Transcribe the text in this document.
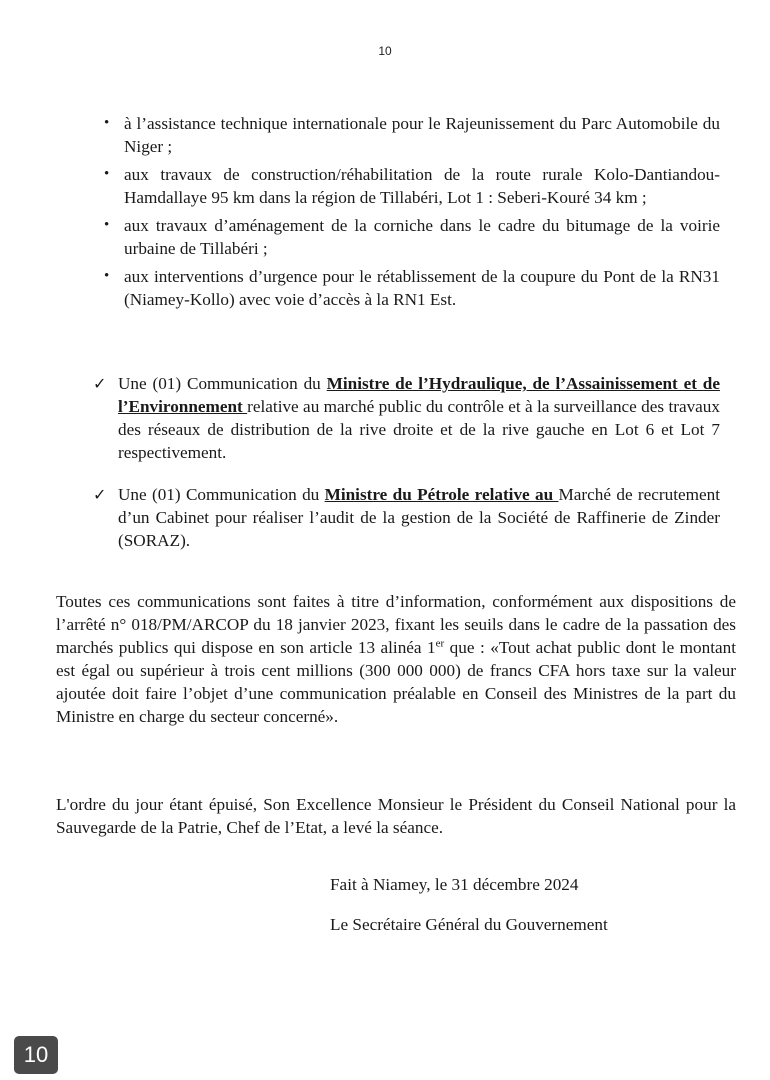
10
• à l’assistance technique internationale pour le Rajeunissement du Parc Automobile du Niger ;
• aux travaux de construction/réhabilitation de la route rurale Kolo-Dantiandou-Hamdallaye 95 km dans la région de Tillabéri, Lot 1 : Seberi-Kouré 34 km ;
• aux travaux d’aménagement de la corniche dans le cadre du bitumage de la voirie urbaine de Tillabéri ;
• aux interventions d’urgence pour le rétablissement de la coupure du Pont de la RN31 (Niamey-Kollo) avec voie d’accès à la RN1 Est.
✓ Une (01) Communication du Ministre de l’Hydraulique, de l’Assainissement et de l’Environnement relative au marché public du contrôle et à la surveillance des travaux des réseaux de distribution de la rive droite et de la rive gauche en Lot 6 et Lot 7 respectivement.
✓ Une (01) Communication du Ministre du Pétrole relative au Marché de recrutement d’un Cabinet pour réaliser l’audit de la gestion de la Société de Raffinerie de Zinder (SORAZ).

Toutes ces communications sont faites à titre d’information, conformément aux dispositions de l’arrêté n° 018/PM/ARCOP du 18 janvier 2023, fixant les seuils dans le cadre de la passation des marchés publics qui dispose en son article 13 alinéa 1er que : «Tout achat public dont le montant est égal ou supérieur à trois cent millions (300 000 000) de francs CFA hors taxe sur la valeur ajoutée doit faire l’objet d’une communication préalable en Conseil des Ministres de la part du Ministre en charge du secteur concerné».

L'ordre du jour étant épuisé, Son Excellence Monsieur le Président du Conseil National pour la Sauvegarde de la Patrie, Chef de l’Etat, a levé la séance.

Fait à Niamey, le 31 décembre 2024

Le Secrétaire Général du Gouvernement

10
